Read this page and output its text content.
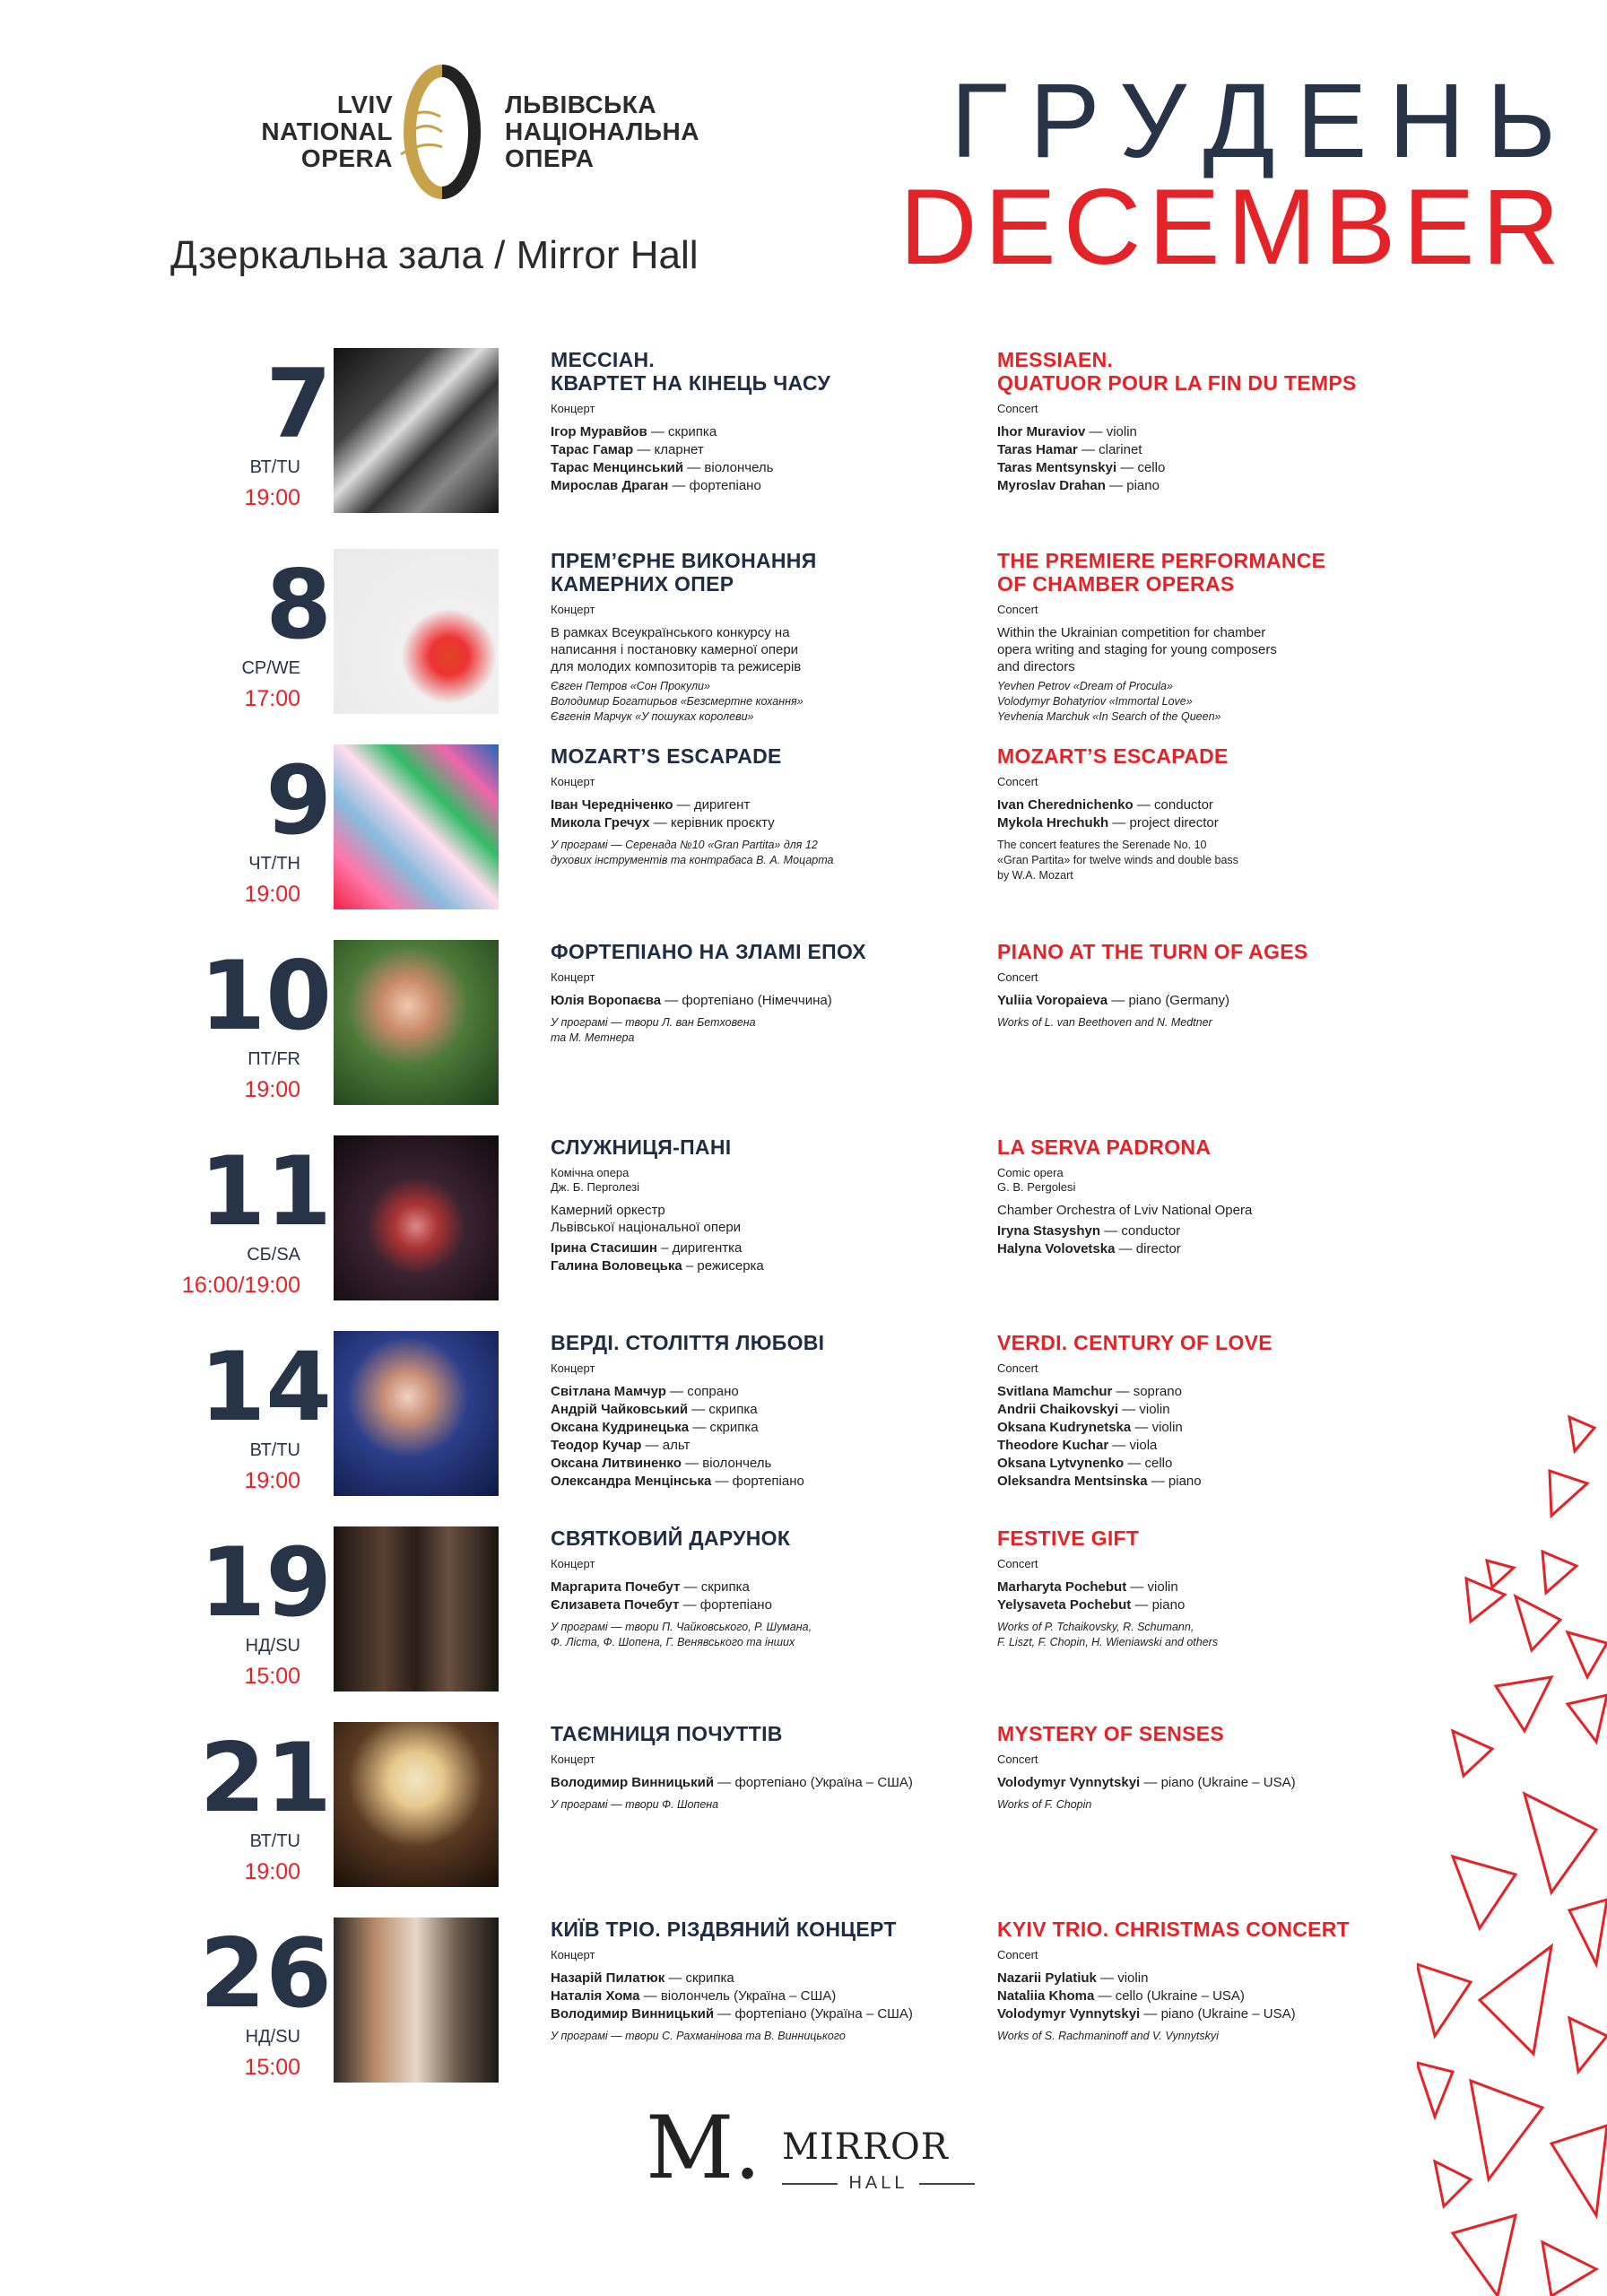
LVIV
NATIONAL
OPERA
ЛЬВІВСЬКА
НАЦІОНАЛЬНА
ОПЕРА
Дзеркальна зала / Mirror Hall
ГРУДЕНЬ
DECEMBER
7
ВТ/TU
19:00
МЕССІАН.
КВАРТЕТ НА КІНЕЦЬ ЧАСУ
Концерт
Ігор Муравйов — скрипка
Тарас Гамар — кларнет
Тарас Менцинський — віолончель
Мирослав Драган — фортепіано
MESSIAEN.
QUATUOR POUR LA FIN DU TEMPS
Concert
Ihor Muraviov — violin
Taras Hamar — clarinet
Taras Mentsynskyi — cello
Myroslav Drahan — piano
8
СР/WE
17:00
ПРЕМ’ЄРНЕ ВИКОНАННЯ
КАМЕРНИХ ОПЕР
Концерт
В рамках Всеукраїнського конкурсу на
написання і постановку камерної опери
для молодих композиторів та режисерів
Євген Петров «Сон Прокули»
Володимир Богатирьов «Безсмертне кохання»
Євгенія Марчук «У пошуках королеви»
THE PREMIERE PERFORMANCE
OF CHAMBER OPERAS
Concert
Within the Ukrainian competition for chamber
opera writing and staging for young composers
and directors
Yevhen Petrov «Dream of Procula»
Volodymyr Bohatyriov «Immortal Love»
Yevhenia Marchuk «In Search of the Queen»
9
ЧТ/TH
19:00
MOZART’S ESCAPADE
Концерт
Іван Чередніченко — диригент
Микола Гречух — керівник проєкту
У програмі — Серенада №10 «Gran Partita» для 12
духових інструментів та контрабаса В. А. Моцарта
MOZART’S ESCAPADE
Concert
Ivan Cherednichenko — conductor
Mykola Hrechukh — project director
The concert features the Serenade No. 10
«Gran Partita» for twelve winds and double bass
by W.A. Mozart
10
ПТ/FR
19:00
ФОРТЕПІАНО НА ЗЛАМІ ЕПОХ
Концерт
Юлія Воропаєва — фортепіано (Німеччина)
У програмі — твори Л. ван Бетховена
та М. Метнера
PIANO AT THE TURN OF AGES
Concert
Yuliia Voropaieva — piano (Germany)
Works of L. van Beethoven and N. Medtner
11
СБ/SA
16:00/19:00
СЛУЖНИЦЯ-ПАНІ
Комічна опера
Дж. Б. Перголезі
Камерний оркестр
Львівської національної опери
Ірина Стасишин – диригентка
Галина Воловецька – режисерка
LA SERVA PADRONA
Comic opera
G. B. Pergolesi
Chamber Orchestra of Lviv National Opera
Iryna Stasyshyn — conductor
Halyna Volovetska — director
14
ВТ/TU
19:00
ВЕРДІ. СТОЛІТТЯ ЛЮБОВІ
Концерт
Світлана Мамчур — сопрано
Андрій Чайковський — скрипка
Оксана Кудринецька — скрипка
Теодор Кучар — альт
Оксана Литвиненко — віолончель
Олександра Менцінська — фортепіано
VERDI. CENTURY OF LOVE
Concert
Svitlana Mamchur — soprano
Andrii Chaikovskyi — violin
Oksana Kudrynetska — violin
Theodore Kuchar — viola
Oksana Lytvynenko — cello
Oleksandra Mentsinska — piano
19
НД/SU
15:00
СВЯТКОВИЙ ДАРУНОК
Концерт
Маргарита Почебут — скрипка
Єлизавета Почебут — фортепіано
У програмі — твори П. Чайковського, Р. Шумана,
Ф. Ліста, Ф. Шопена, Г. Венявського та інших
FESTIVE GIFT
Concert
Marharyta Pochebut — violin
Yelysaveta Pochebut — piano
Works of P. Tchaikovsky, R. Schumann,
F. Liszt, F. Chopin, H. Wieniawski and others
21
ВТ/TU
19:00
ТАЄМНИЦЯ ПОЧУТТІВ
Концерт
Володимир Винницький — фортепіано (Україна – США)
У програмі — твори Ф. Шопена
MYSTERY OF SENSES
Concert
Volodymyr Vynnytskyi — piano (Ukraine – USA)
Works of F. Chopin
26
НД/SU
15:00
КИЇВ ТРІО. РІЗДВЯНИЙ КОНЦЕРТ
Концерт
Назарій Пилатюк — скрипка
Наталія Хома — віолончель (Україна – США)
Володимир Винницький — фортепіано (Україна – США)
У програмі — твори С. Рахманінова та В. Винницького
KYIV TRIO. CHRISTMAS CONCERT
Concert
Nazarii Pylatiuk — violin
Nataliia Khoma — cello (Ukraine – USA)
Volodymyr Vynnytskyi — piano (Ukraine – USA)
Works of S. Rachmaninoff and V. Vynnytskyi
M. MIRROR
HALL
